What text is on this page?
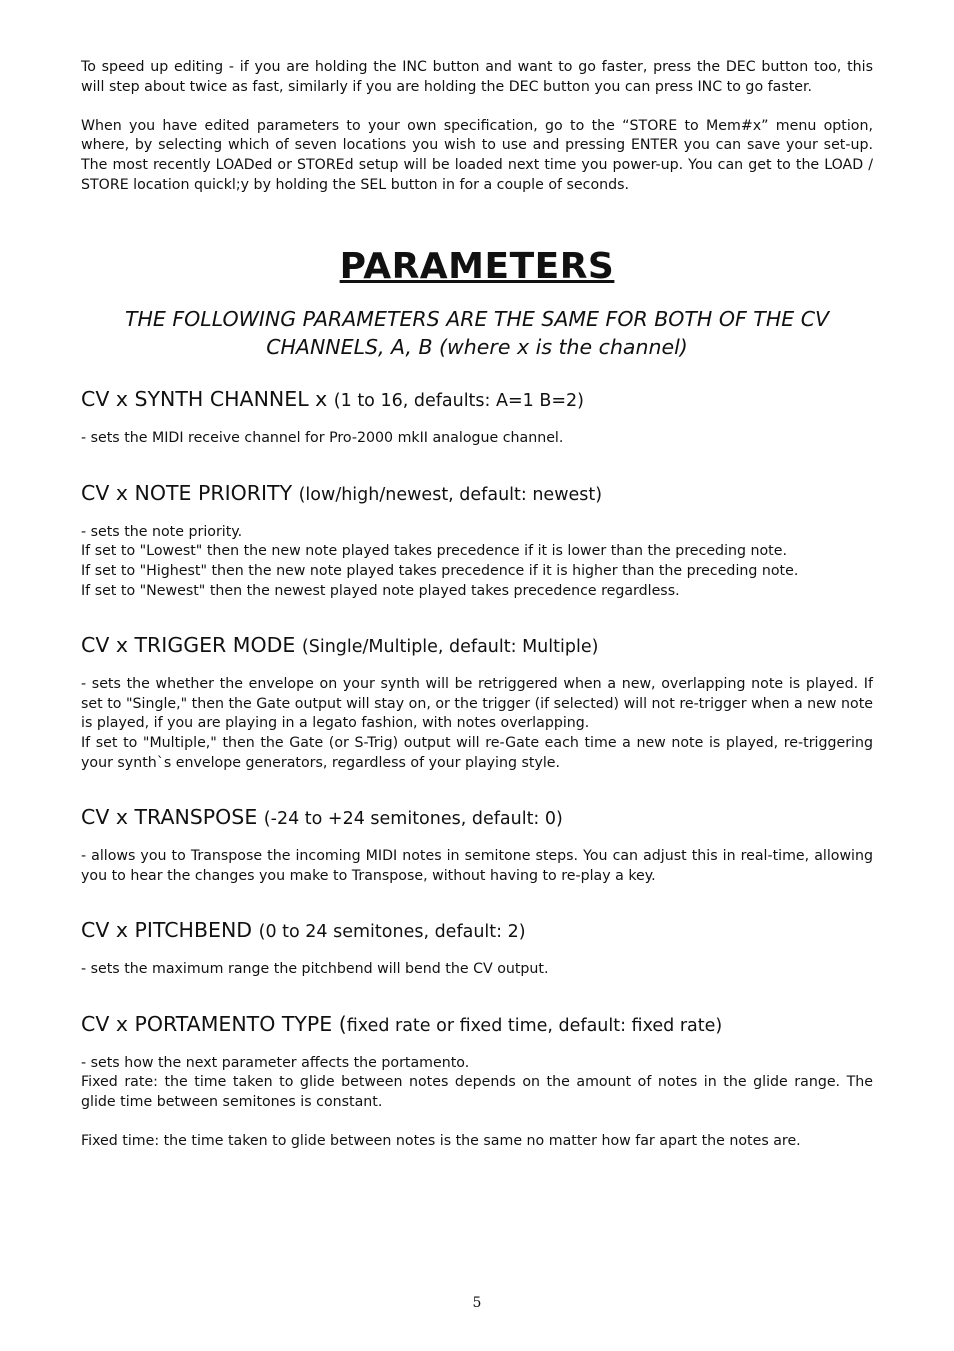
To speed up editing - if you are holding the INC button and want to go faster, press the DEC button too, this will step about twice as fast, similarly if you are holding the DEC button you can press INC to go faster.

When you have edited parameters to your own specification, go to the “STORE to Mem#x” menu option, where, by selecting which of seven locations you wish to use and pressing ENTER you can save your set-up. The most recently LOADed or STOREd setup will be loaded next time you power-up. You can get to the LOAD / STORE location quickl;y by holding the SEL button in for a couple of seconds.

PARAMETERS
THE FOLLOWING PARAMETERS ARE THE SAME FOR BOTH OF THE CV CHANNELS, A, B (where x is the channel)
CV x SYNTH CHANNEL x (1 to 16, defaults: A=1 B=2)

- sets the MIDI receive channel for Pro-2000 mkII analogue channel.

CV x NOTE PRIORITY (low/high/newest, default: newest)

- sets the note priority.

If set to "Lowest" then the new note played takes precedence if it is lower than the preceding note.

If set to "Highest" then the new note played takes precedence if it is higher than the preceding note.

If set to "Newest" then the newest played note played takes precedence regardless.

CV x TRIGGER MODE (Single/Multiple, default: Multiple)

- sets the whether the envelope on your synth will be retriggered when a new, overlapping note is played. If set to "Single," then the Gate output will stay on, or the trigger (if selected) will not re-trigger when a new note is played, if you are playing in a legato fashion, with notes overlapping.

If set to "Multiple," then the Gate (or S-Trig) output will re-Gate each time a new note is played, re-triggering your synth`s envelope generators, regardless of your playing style.

CV x TRANSPOSE (-24 to +24 semitones, default: 0)

- allows you to Transpose the incoming MIDI notes in semitone steps. You can adjust this in real-time, allowing you to hear the changes you make to Transpose, without having to re-play a key.

CV x PITCHBEND (0 to 24 semitones, default: 2)

- sets the maximum range the pitchbend will bend the CV output.

CV x PORTAMENTO TYPE (fixed rate or fixed time, default: fixed rate)

- sets how the next parameter affects the portamento.

Fixed rate: the time taken to glide between notes depends on the amount of notes in the glide range. The glide time between semitones is constant.

Fixed time: the time taken to glide between notes is the same no matter how far apart the notes are.

5
